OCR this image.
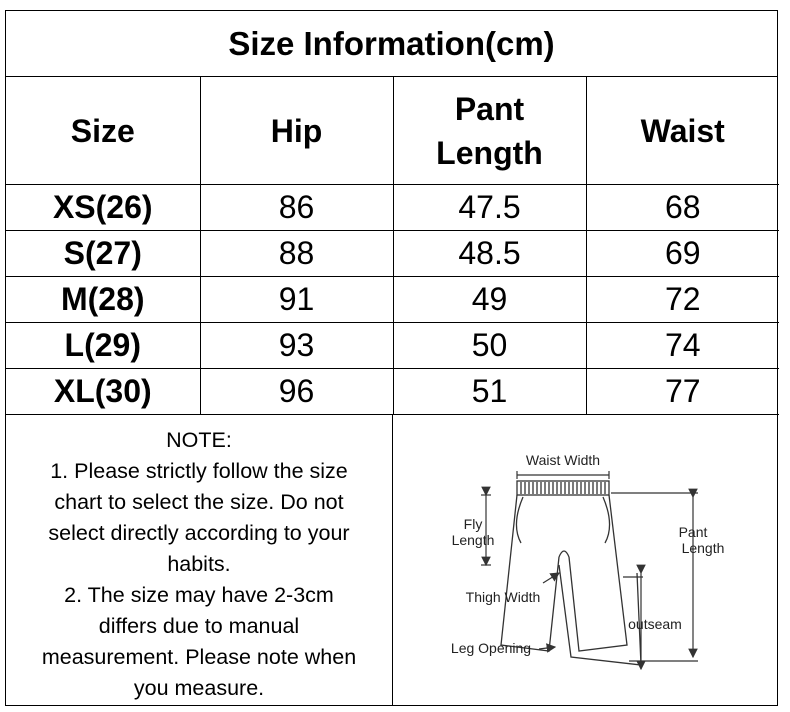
Size Information(cm)
Size	Hip	Pant Length	Waist
XS(26)	86	47.5	68
S(27)	88	48.5	69
M(28)	91	49	72
L(29)	93	50	74
XL(30)	96	51	77
NOTE:
1. Please strictly follow the size
chart to select the size. Do not
select directly according to your
habits.
2. The size may have 2-3cm
differs due to manual
measurement. Please note when
you measure.
Waist Width
Fly
Length	Pant
Length
Thigh Width
outseam
Leg Opening
